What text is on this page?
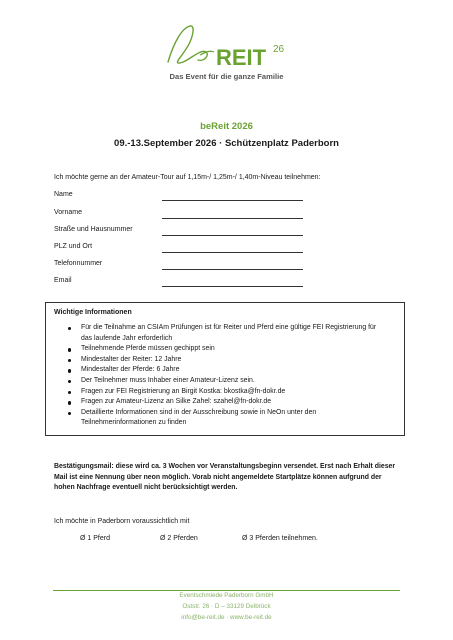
REIT 26
Das Event für die ganze Familie
beReit 2026
09.-13.September 2026 · Schützenplatz Paderborn
Ich möchte gerne an der Amateur-Tour auf 1,15m-/ 1,25m-/ 1,40m-Niveau teilnehmen:
Name
Vorname
Straße und Hausnummer
PLZ und Ort
Telefonnummer
Email
Wichtige Informationen
Für die Teilnahme an CSIAm Prüfungen ist für Reiter und Pferd eine gültige FEI Registrierung für das laufende Jahr erforderlich
Teilnehmende Pferde müssen gechippt sein
Mindestalter der Reiter: 12 Jahre
Mindestalter der Pferde: 6 Jahre
Der Teilnehmer muss Inhaber einer Amateur-Lizenz sein.
Fragen zur FEI Registrierung an Birgit Kostka: bkostka@fn-dokr.de
Fragen zur Amateur-Lizenz an Silke Zahel: szahel@fn-dokr.de
Detaillierte Informationen sind in der Ausschreibung sowie in NeOn unter den Teilnehmerinformationen zu finden
Bestätigungsmail: diese wird ca. 3 Wochen vor Veranstaltungsbeginn versendet. Erst nach Erhalt dieser Mail ist eine Nennung über neon möglich. Vorab nicht angemeldete Startplätze können aufgrund der hohen Nachfrage eventuell nicht berücksichtigt werden.
Ich möchte in Paderborn voraussichtlich mit
Ø 1 Pferd	Ø 2 Pferden	Ø 3 Pferden teilnehmen.
Eventschmiede Paderborn GmbH
Oststr. 26 · D – 33129 Delbrück
info@be-reit.de · www.be-reit.de
